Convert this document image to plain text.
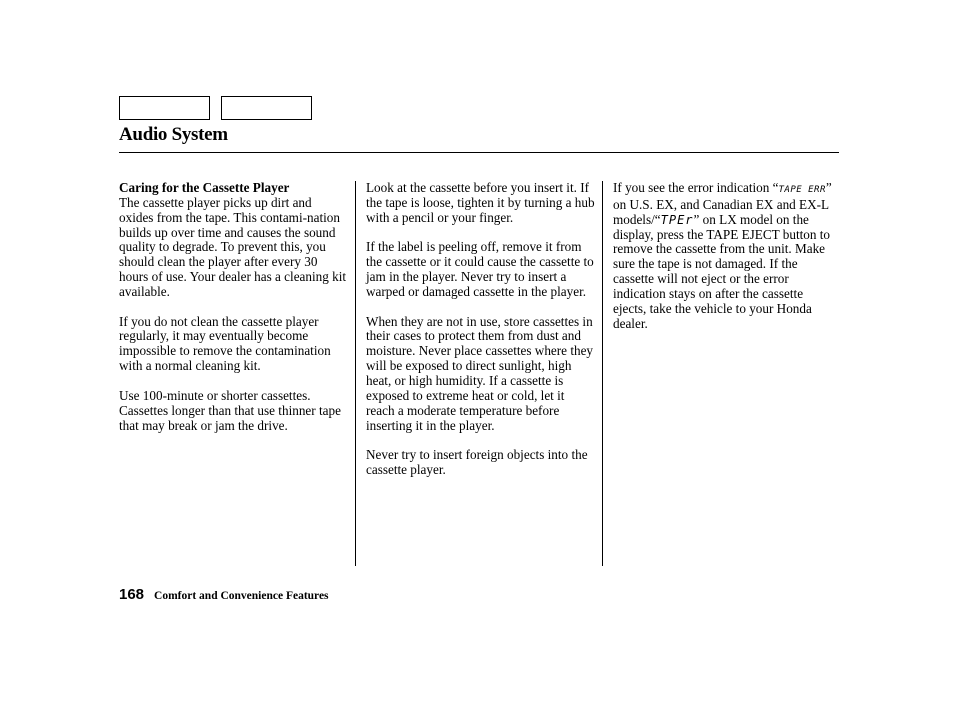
Audio System

Caring for the Cassette Player
The cassette player picks up dirt and oxides from the tape. This contami-nation builds up over time and causes the sound quality to degrade. To prevent this, you should clean the player after every 30 hours of use. Your dealer has a cleaning kit available.

If you do not clean the cassette player regularly, it may eventually become impossible to remove the contamination with a normal cleaning kit.

Use 100-minute or shorter cassettes. Cassettes longer than that use thinner tape that may break or jam the drive.

Look at the cassette before you insert it. If the tape is loose, tighten it by turning a hub with a pencil or your finger.

If the label is peeling off, remove it from the cassette or it could cause the cassette to jam in the player. Never try to insert a warped or damaged cassette in the player.

When they are not in use, store cassettes in their cases to protect them from dust and moisture. Never place cassettes where they will be exposed to direct sunlight, high heat, or high humidity. If a cassette is exposed to extreme heat or cold, let it reach a moderate temperature before inserting it in the player.

Never try to insert foreign objects into the cassette player.

If you see the error indication “TAPE ERR” on U.S. EX, and Canadian EX and EX-L models/“TPEr” on LX model on the display, press the TAPE EJECT button to remove the cassette from the unit. Make sure the tape is not damaged. If the cassette will not eject or the error indication stays on after the cassette ejects, take the vehicle to your Honda dealer.

168 Comfort and Convenience Features
